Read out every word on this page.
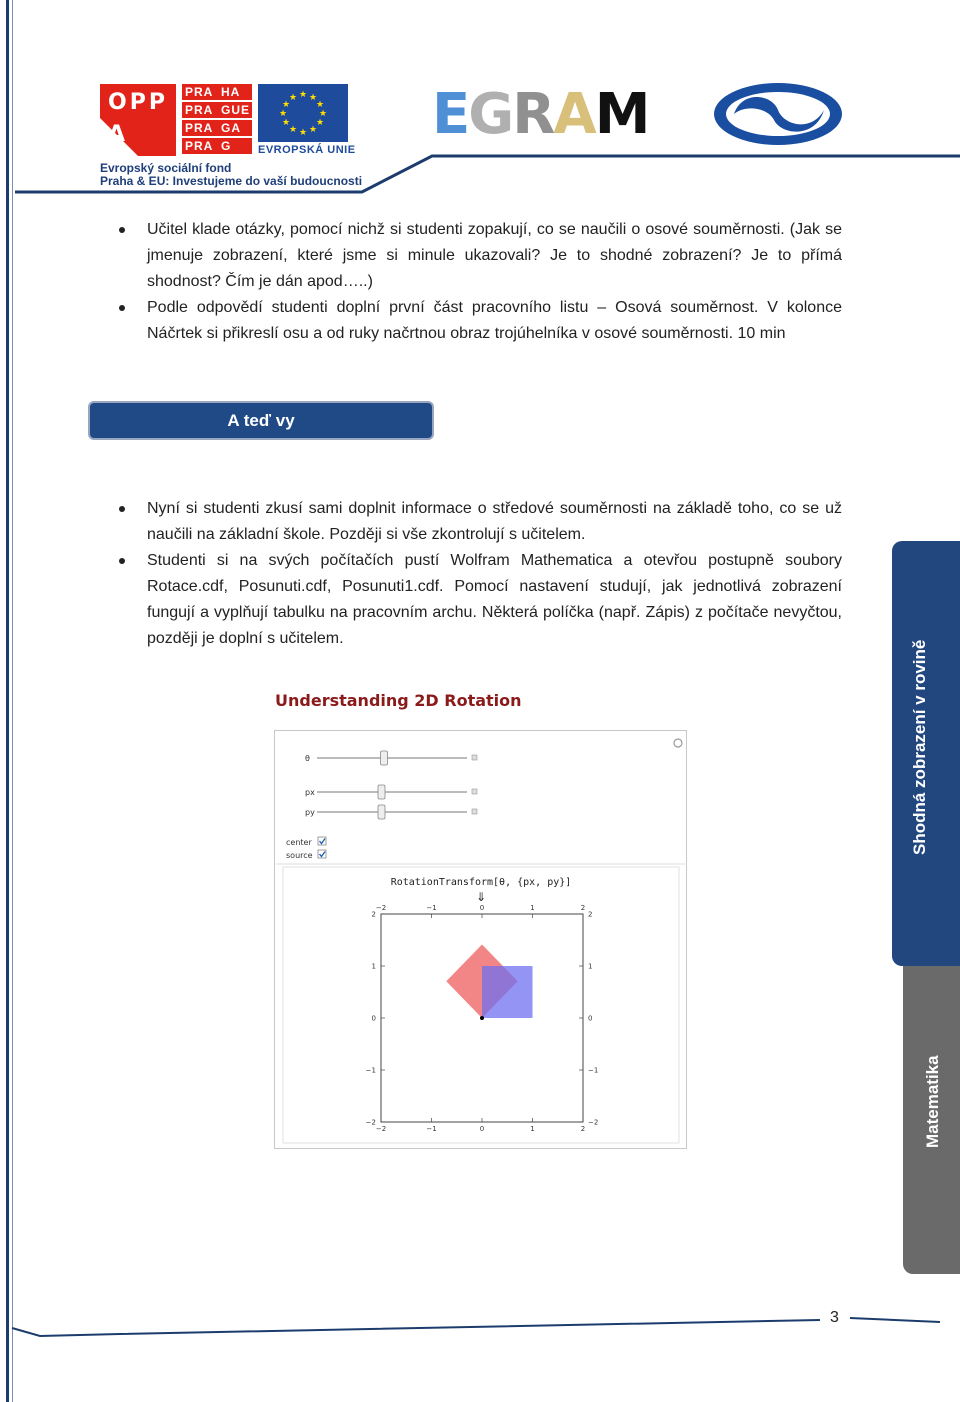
OPP
A
PRA HA
PRA GUE
PRA GA
PRA G
★ ★
★
★
★
★
★
★
★
★
★
★
EVROPSKÁ UNIE
Evropský sociální fond
Praha & EU: Investujeme do vaší budoucnosti
EGRAM
Učitel klade otázky, pomocí nichž si studenti zopakují, co se naučili o osové souměrnosti. (Jak se jmenuje zobrazení, které jsme si minule ukazovali? Je to shodné zobrazení? Je to přímá shodnost? Čím je dán apod…..)
Podle odpovědí studenti doplní první část pracovního listu – Osová souměrnost. V kolonce Náčrtek si přikreslí osu a od ruky načrtnou obraz trojúhelníka v osové souměrnosti. 10 min
A teď vy
Nyní si studenti zkusí sami doplnit informace o středové souměrnosti na základě toho, co se už naučili na základní škole. Později si vše zkontrolují s učitelem.
Studenti si na svých počítačích pustí Wolfram Mathematica a otevřou postupně soubory Rotace.cdf, Posunuti.cdf, Posunuti1.cdf. Pomocí nastavení studují, jak jednotlivá zobrazení fungují a vyplňují tabulku na pracovním archu. Některá políčka (např. Zápis) z počítače nevyčtou, později je doplní s učitelem.
Shodná zobrazení v rovině
Matematika
Understanding 2D Rotation
θ
px
py
center
source
RotationTransform[θ, {px, py}]
⇓
−2
−2
−2	−2
−1
−1
−1	−1
0
0
0	0
1
1
1	1
2
2
2	2
3
